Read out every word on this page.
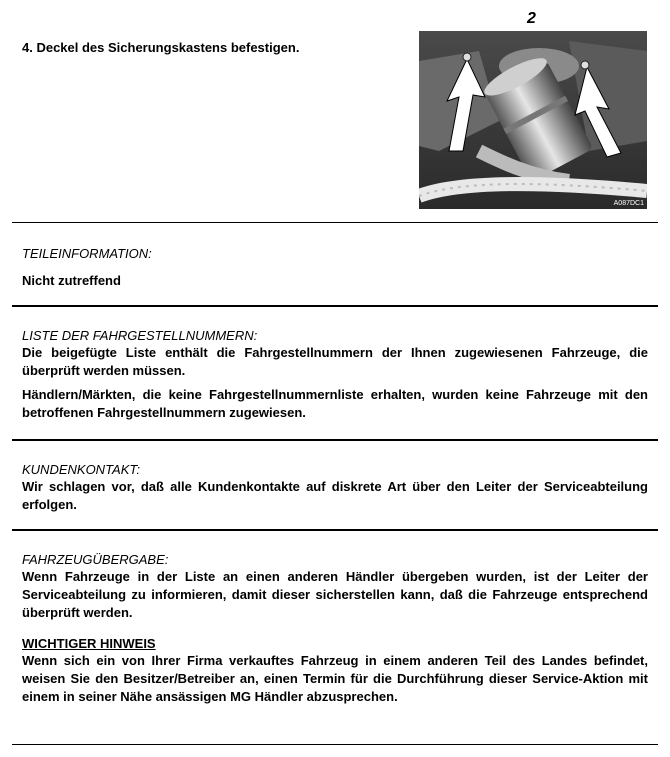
4. Deckel des Sicherungskastens befestigen.
2
A087DC1
TEILEINFORMATION:
Nicht zutreffend
LISTE DER FAHRGESTELLNUMMERN:
Die beigefügte Liste enthält die Fahrgestellnummern der Ihnen zugewiesenen Fahrzeuge, die überprüft werden müssen.
Händlern/Märkten, die keine Fahrgestellnummernliste erhalten, wurden keine Fahrzeuge mit den betroffenen Fahrgestellnummern zugewiesen.
KUNDENKONTAKT:
Wir schlagen vor, daß alle Kundenkontakte auf diskrete Art über den Leiter der Serviceabteilung erfolgen.
FAHRZEUGÜBERGABE:
Wenn Fahrzeuge in der Liste an einen anderen Händler übergeben wurden, ist der Leiter der Serviceabteilung zu informieren, damit dieser sicherstellen kann, daß die Fahrzeuge entsprechend überprüft werden.
WICHTIGER HINWEIS
Wenn sich ein von Ihrer Firma verkauftes Fahrzeug in einem anderen Teil des Landes befindet, weisen Sie den Besitzer/Betreiber an, einen Termin für die Durchführung dieser Service-Aktion mit einem in seiner Nähe ansässigen MG Händler abzusprechen.
